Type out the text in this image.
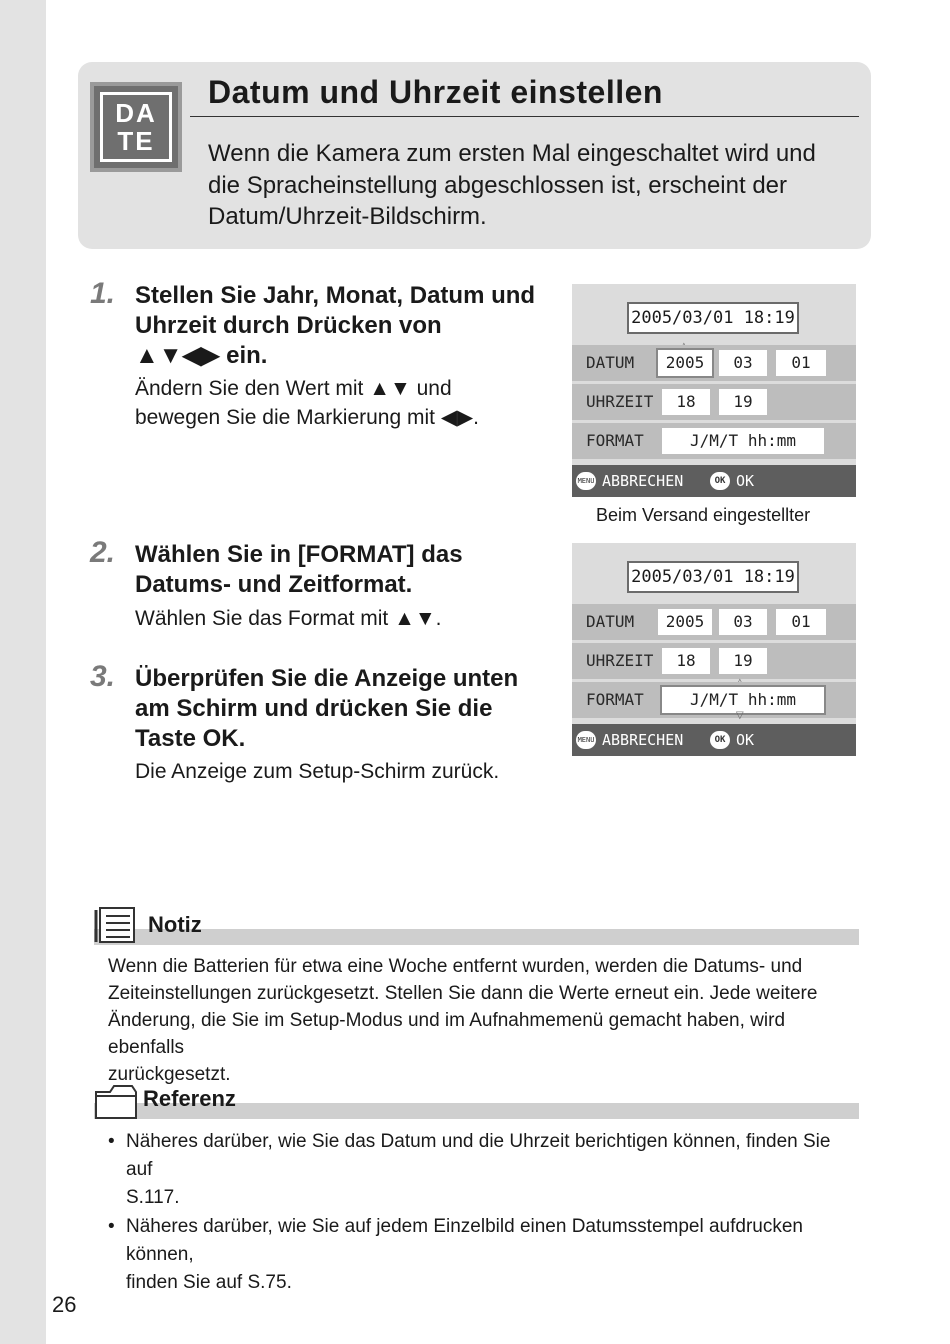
DA
TE
Datum und Uhrzeit einstellen
Wenn die Kamera zum ersten Mal eingeschaltet wird und
die Spracheinstellung abgeschlossen ist, erscheint der
Datum/Uhrzeit-Bildschirm.
1. Stellen Sie Jahr, Monat, Datum und
Uhrzeit durch Drücken von
▲▼◀▶ ein.
Ändern Sie den Wert mit ▲▼ und
bewegen Sie die Markierung mit ◀▶.
2005/03/01 18:19
DATUM	2005	03	01
UHRZEIT	18	19
FORMAT	J/M/T hh:mm
MENU ABBRECHEN	OK OK
Beim Versand eingestellter
2. Wählen Sie in [FORMAT] das
Datums- und Zeitformat.
Wählen Sie das Format mit ▲▼.
3. Überprüfen Sie die Anzeige unten
am Schirm und drücken Sie die
Taste OK.
Die Anzeige zum Setup-Schirm zurück.
2005/03/01 18:19
DATUM	2005	03	01
UHRZEIT	18	19
FORMAT	J/M/T hh:mm
▽
MENU ABBRECHEN	OK OK
Notiz
Wenn die Batterien für etwa eine Woche entfernt wurden, werden die Datums- und
Zeiteinstellungen zurückgesetzt. Stellen Sie dann die Werte erneut ein. Jede weitere
Änderung, die Sie im Setup-Modus und im Aufnahmemenü gemacht haben, wird ebenfalls
zurückgesetzt.
Referenz
• Näheres darüber, wie Sie das Datum und die Uhrzeit berichtigen können, finden Sie auf
S.117.
• Näheres darüber, wie Sie auf jedem Einzelbild einen Datumsstempel aufdrucken können,
finden Sie auf S.75.
26
